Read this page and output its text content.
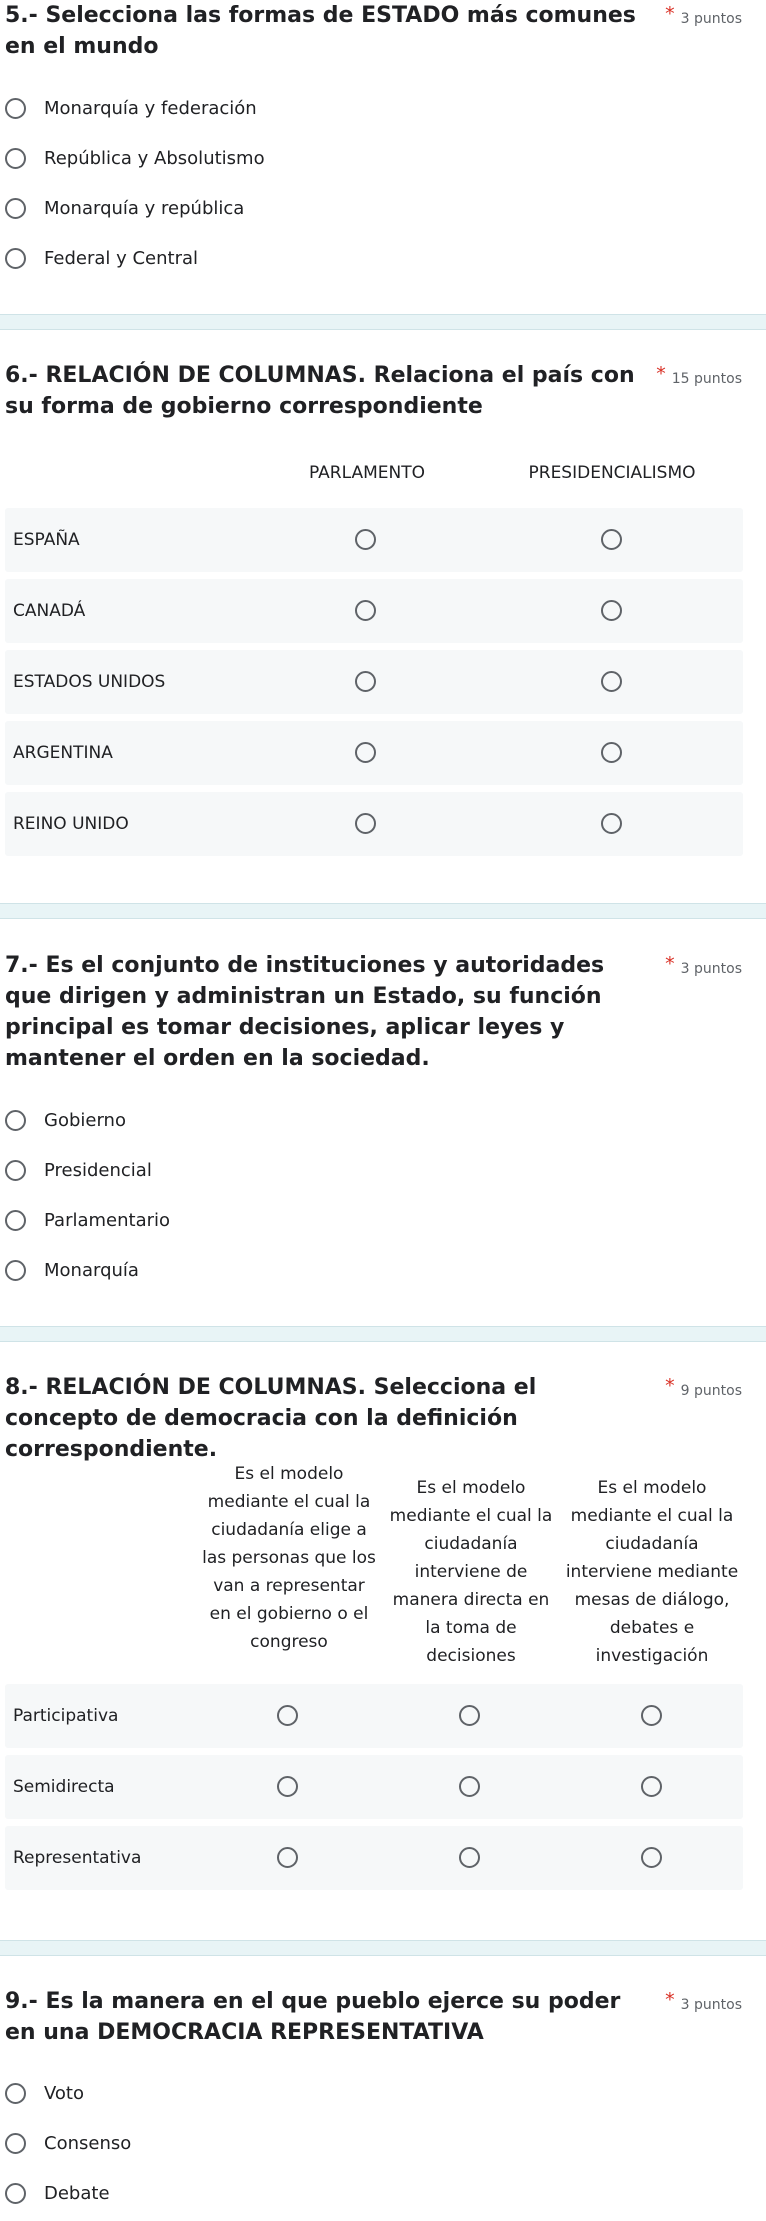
5.- Selecciona las formas de ESTADO más comunes en el mundo
* 3 puntos
Monarquía y federación
República y Absolutismo
Monarquía y república
Federal y Central
6.- RELACIÓN DE COLUMNAS. Relaciona el país con su forma de gobierno correspondiente
* 15 puntos
PARLAMENTO	PRESIDENCIALISMO
ESPAÑA
CANADÁ
ESTADOS UNIDOS
ARGENTINA
REINO UNIDO
7.- Es el conjunto de instituciones y autoridades que dirigen y administran un Estado, su función principal es tomar decisiones, aplicar leyes y mantener el orden en la sociedad.
* 3 puntos
Gobierno
Presidencial
Parlamentario
Monarquía
8.- RELACIÓN DE COLUMNAS. Selecciona el concepto de democracia con la definición correspondiente.
* 9 puntos
Es el modelo mediante el cual la ciudadanía elige a las personas que los van a representar en el gobierno o el congreso
Es el modelo mediante el cual la ciudadanía interviene de manera directa en la toma de decisiones
Es el modelo mediante el cual la ciudadanía interviene mediante mesas de diálogo, debates e investigación
Participativa
Semidirecta
Representativa
9.- Es la manera en el que pueblo ejerce su poder en una DEMOCRACIA REPRESENTATIVA
* 3 puntos
Voto
Consenso
Debate
